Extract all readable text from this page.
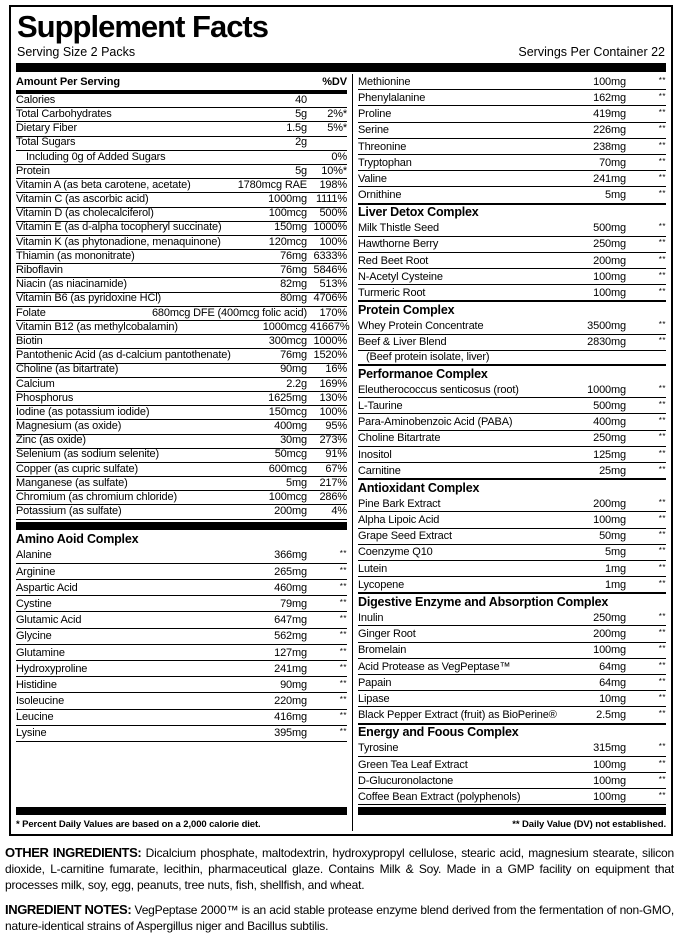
Supplement Facts
Serving Size 2 Packs	Servings Per Container 22
Amount Per Serving	%DV
Calories	40
Total Carbohydrates	5g	2%*
Dietary Fiber	1.5g	5%*
Total Sugars	2g
Including 0g of Added Sugars	0%
Protein	5g	10%*
Vitamin A (as beta carotene, acetate)	1780mcg RAE	198%
Vitamin C (as ascorbic acid)	1000mg 1111%
Vitamin D (as cholecalciferol)	100mcg	500%
Vitamin E (as d-alpha tocopheryl succinate)	150mg 1000%
Vitamin K (as phytonadione, menaquinone)	120mcg	100%
Thiamin (as mononitrate)	76mg 6333%
Riboflavin	76mg 5846%
Niacin (as niacinamide)	82mg	513%
Vitamin B6 (as pyridoxine HCl)	80mg 4706%
Folate	680mcg DFE (400mcg folic acid)	170%
Vitamin B12 (as methylcobalamin)	1000mcg 41667%
Biotin	300mcg 1000%
Pantothenic Acid (as d-calcium pantothenate)	76mg 1520%
Choline (as bitartrate)	90mg	16%
Calcium	2.2g	169%
Phosphorus	1625mg	130%
Iodine (as potassium iodide)	150mcg	100%
Magnesium (as oxide)	400mg	95%
Zinc (as oxide)	30mg	273%
Selenium (as sodium selenite)	50mcg	91%
Copper (as cupric sulfate)	600mcg	67%
Manganese (as sulfate)	5mg	217%
Chromium (as chromium chloride)	100mcg	286%
Potassium (as sulfate)	200mg	4%
Amino Aoid Complex
Alanine	366mg	**
Arginine	265mg	**
Aspartic Acid	460mg	**
Cystine	79mg	**
Glutamic Acid	647mg	**
Glycine	562mg	**
Glutamine	127mg	**
Hydroxyproline	241mg	**
Histidine	90mg	**
Isoleucine	220mg	**
Leucine	416mg	**
Lysine	395mg	**
* Percent Daily Values are based on a 2,000 calorie diet.
Methionine	100mg	**
Phenylalanine	162mg	**
Proline	419mg	**
Serine	226mg	**
Threonine	238mg	**
Tryptophan	70mg	**
Valine	241mg	**
Ornithine	5mg	**
Liver Detox Complex
Milk Thistle Seed	500mg	**
Hawthorne Berry	250mg	**
Red Beet Root	200mg	**
N-Acetyl Cysteine	100mg	**
Turmeric Root	100mg	**
Protein Complex
Whey Protein Concentrate	3500mg	**
Beef & Liver Blend	2830mg	**
(Beef protein isolate, liver)
Performanoe Complex
Eleutherococcus senticosus (root)	1000mg	**
L-Taurine	500mg	**
Para-Aminobenzoic Acid (PABA)	400mg	**
Choline Bitartrate	250mg	**
Inositol	125mg	**
Carnitine	25mg	**
Antioxidant Complex
Pine Bark Extract	200mg	**
Alpha Lipoic Acid	100mg	**
Grape Seed Extract	50mg	**
Coenzyme Q10	5mg	**
Lutein	1mg	**
Lycopene	1mg	**
Digestive Enzyme and Absorption Complex
Inulin	250mg	**
Ginger Root	200mg	**
Bromelain	100mg	**
Acid Protease as VegPeptase™	64mg	**
Papain	64mg	**
Lipase	10mg	**
Black Pepper Extract (fruit) as BioPerine®	2.5mg	**
Energy and Foous Complex
Tyrosine	315mg	**
Green Tea Leaf Extract	100mg	**
D-Glucuronolactone	100mg	**
Coffee Bean Extract (polyphenols)	100mg	**
** Daily Value (DV) not established.

OTHER INGREDIENTS: Dicalcium phosphate, maltodextrin, hydroxypropyl cellulose, stearic acid, magnesium stearate, silicon dioxide, L-carnitine fumarate, lecithin, pharmaceutical glaze. Contains Milk & Soy. Made in a GMP facility on equipment that processes milk, soy, egg, peanuts, tree nuts, fish, shellfish, and wheat.

INGREDIENT NOTES: VegPeptase 2000™ is an acid stable protease enzyme blend derived from the fermentation of non-GMO, nature-identical strains of Aspergillus niger and Bacillus subtilis.
